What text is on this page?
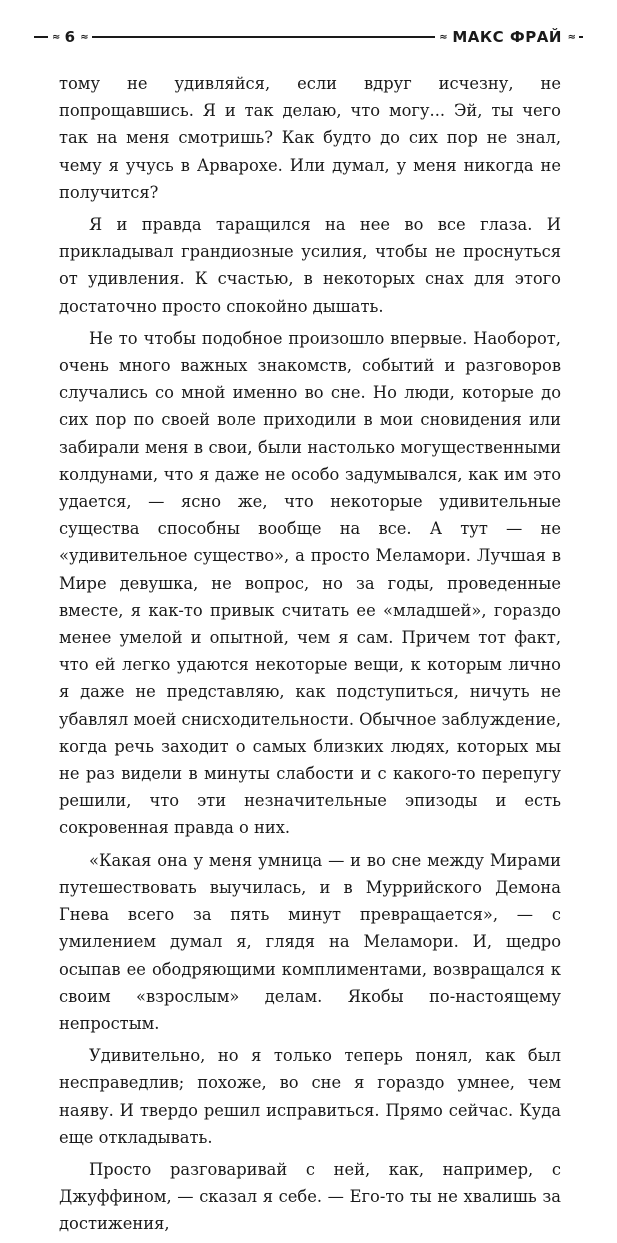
≈ 6 ≈	≈ МАКС ФРАЙ ≈

тому не удивляйся, если вдруг исчезну, не попрощавшись. Я и так делаю, что могу... Эй, ты чего так на меня смотришь? Как будто до сих пор не знал, чему я учусь в Арварохе. Или думал, у меня никогда не получится?

Я и правда таращился на нее во все глаза. И прикладывал грандиозные усилия, чтобы не проснуться от удивления. К счастью, в некоторых снах для этого достаточно просто спокойно дышать.

Не то чтобы подобное произошло впервые. Наоборот, очень много важных знакомств, событий и разговоров случались со мной именно во сне. Но люди, которые до сих пор по своей воле приходили в мои сновидения или забирали меня в свои, были настолько могущественными колдунами, что я даже не особо задумывался, как им это удается, — ясно же, что некоторые удивительные существа способны вообще на все. А тут — не «удивительное существо», а просто Меламори. Лучшая в Мире девушка, не вопрос, но за годы, проведенные вместе, я как-то привык считать ее «младшей», гораздо менее умелой и опытной, чем я сам. Причем тот факт, что ей легко удаются некоторые вещи, к которым лично я даже не представляю, как подступиться, ничуть не убавлял моей снисходительности. Обычное заблуждение, когда речь заходит о самых близких людях, которых мы не раз видели в минуты слабости и с какого-то перепугу решили, что эти незначительные эпизоды и есть сокровенная правда о них.

«Какая она у меня умница — и во сне между Мирами путешествовать выучилась, и в Муррийского Демона Гнева всего за пять минут превращается», — с умилением думал я, глядя на Меламори. И, щедро осыпав ее ободряющими комплиментами, возвращался к своим «взрослым» делам. Якобы по-настоящему непростым.

Удивительно, но я только теперь понял, как был несправедлив; похоже, во сне я гораздо умнее, чем наяву. И твердо решил исправиться. Прямо сейчас. Куда еще откладывать.

Просто разговаривай с ней, как, например, с Джуффином, — сказал я себе. — Его-то ты не хвалишь за достижения,
